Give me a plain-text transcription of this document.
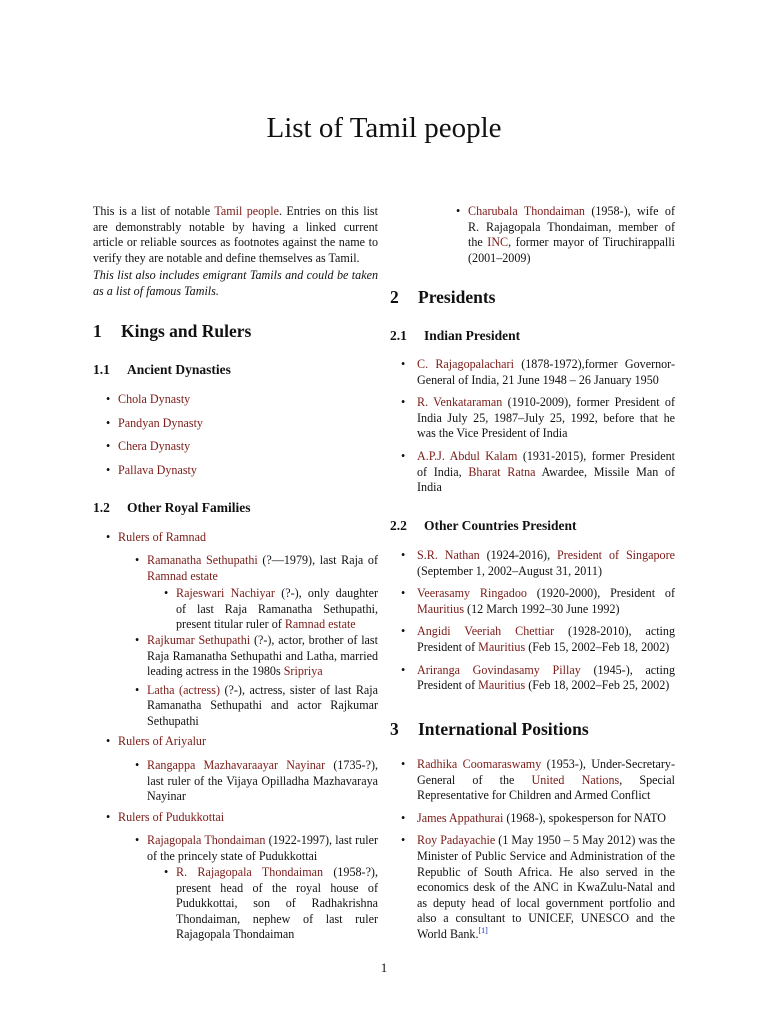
List of Tamil people

This is a list of notable Tamil people. Entries on this list are demonstrably notable by having a linked current article or reliable sources as footnotes against the name to verify they are notable and define themselves as Tamil.

This list also includes emigrant Tamils and could be taken as a list of famous Tamils.

1 Kings and Rulers
1.1 Ancient Dynasties
• Chola Dynasty
• Pandyan Dynasty
• Chera Dynasty
• Pallava Dynasty
1.2 Other Royal Families
• Rulers of Ramnad
• Ramanatha Sethupathi (?—1979), last Raja of Ramnad estate
• Rajeswari Nachiyar (?-), only daughter of last Raja Ramanatha Sethupathi, present titular ruler of Ramnad estate
• Rajkumar Sethupathi (?-), actor, brother of last Raja Ramanatha Sethupathi and Latha, married leading actress in the 1980s Sripriya
• Latha (actress) (?-), actress, sister of last Raja Ramanatha Sethupathi and actor Rajkumar Sethupathi
• Rulers of Ariyalur
• Rangappa Mazhavaraayar Nayinar (1735-?), last ruler of the Vijaya Opilladha Mazhavaraya Nayinar
• Rulers of Pudukkottai
• Rajagopala Thondaiman (1922-1997), last ruler of the princely state of Pudukkottai
• R. Rajagopala Thondaiman (1958-?), present head of the royal house of Pudukkottai, son of Radhakrishna Thondaiman, nephew of last ruler Rajagopala Thondaiman
• Charubala Thondaiman (1958-), wife of R. Rajagopala Thondaiman, member of the INC, former mayor of Tiruchirappalli (2001–2009)
2 Presidents
2.1 Indian President
• C. Rajagopalachari (1878-1972),former Governor-General of India, 21 June 1948 – 26 January 1950
• R. Venkataraman (1910-2009), former President of India July 25, 1987–July 25, 1992, before that he was the Vice President of India
• A.P.J. Abdul Kalam (1931-2015), former President of India, Bharat Ratna Awardee, Missile Man of India
2.2 Other Countries President
• S.R. Nathan (1924-2016), President of Singapore (September 1, 2002–August 31, 2011)
• Veerasamy Ringadoo (1920-2000), President of Mauritius (12 March 1992–30 June 1992)
• Angidi Veeriah Chettiar (1928-2010), acting President of Mauritius (Feb 15, 2002–Feb 18, 2002)
• Ariranga Govindasamy Pillay (1945-), acting President of Mauritius (Feb 18, 2002–Feb 25, 2002)
3 International Positions
• Radhika Coomaraswamy (1953-), Under-Secretary-General of the United Nations, Special Representative for Children and Armed Conflict
• James Appathurai (1968-), spokesperson for NATO
• Roy Padayachie (1 May 1950 – 5 May 2012) was the Minister of Public Service and Administration of the Republic of South Africa. He also served in the economics desk of the ANC in KwaZulu-Natal and as deputy head of local government portfolio and also a consultant to UNICEF, UNESCO and the World Bank.[1]
1
